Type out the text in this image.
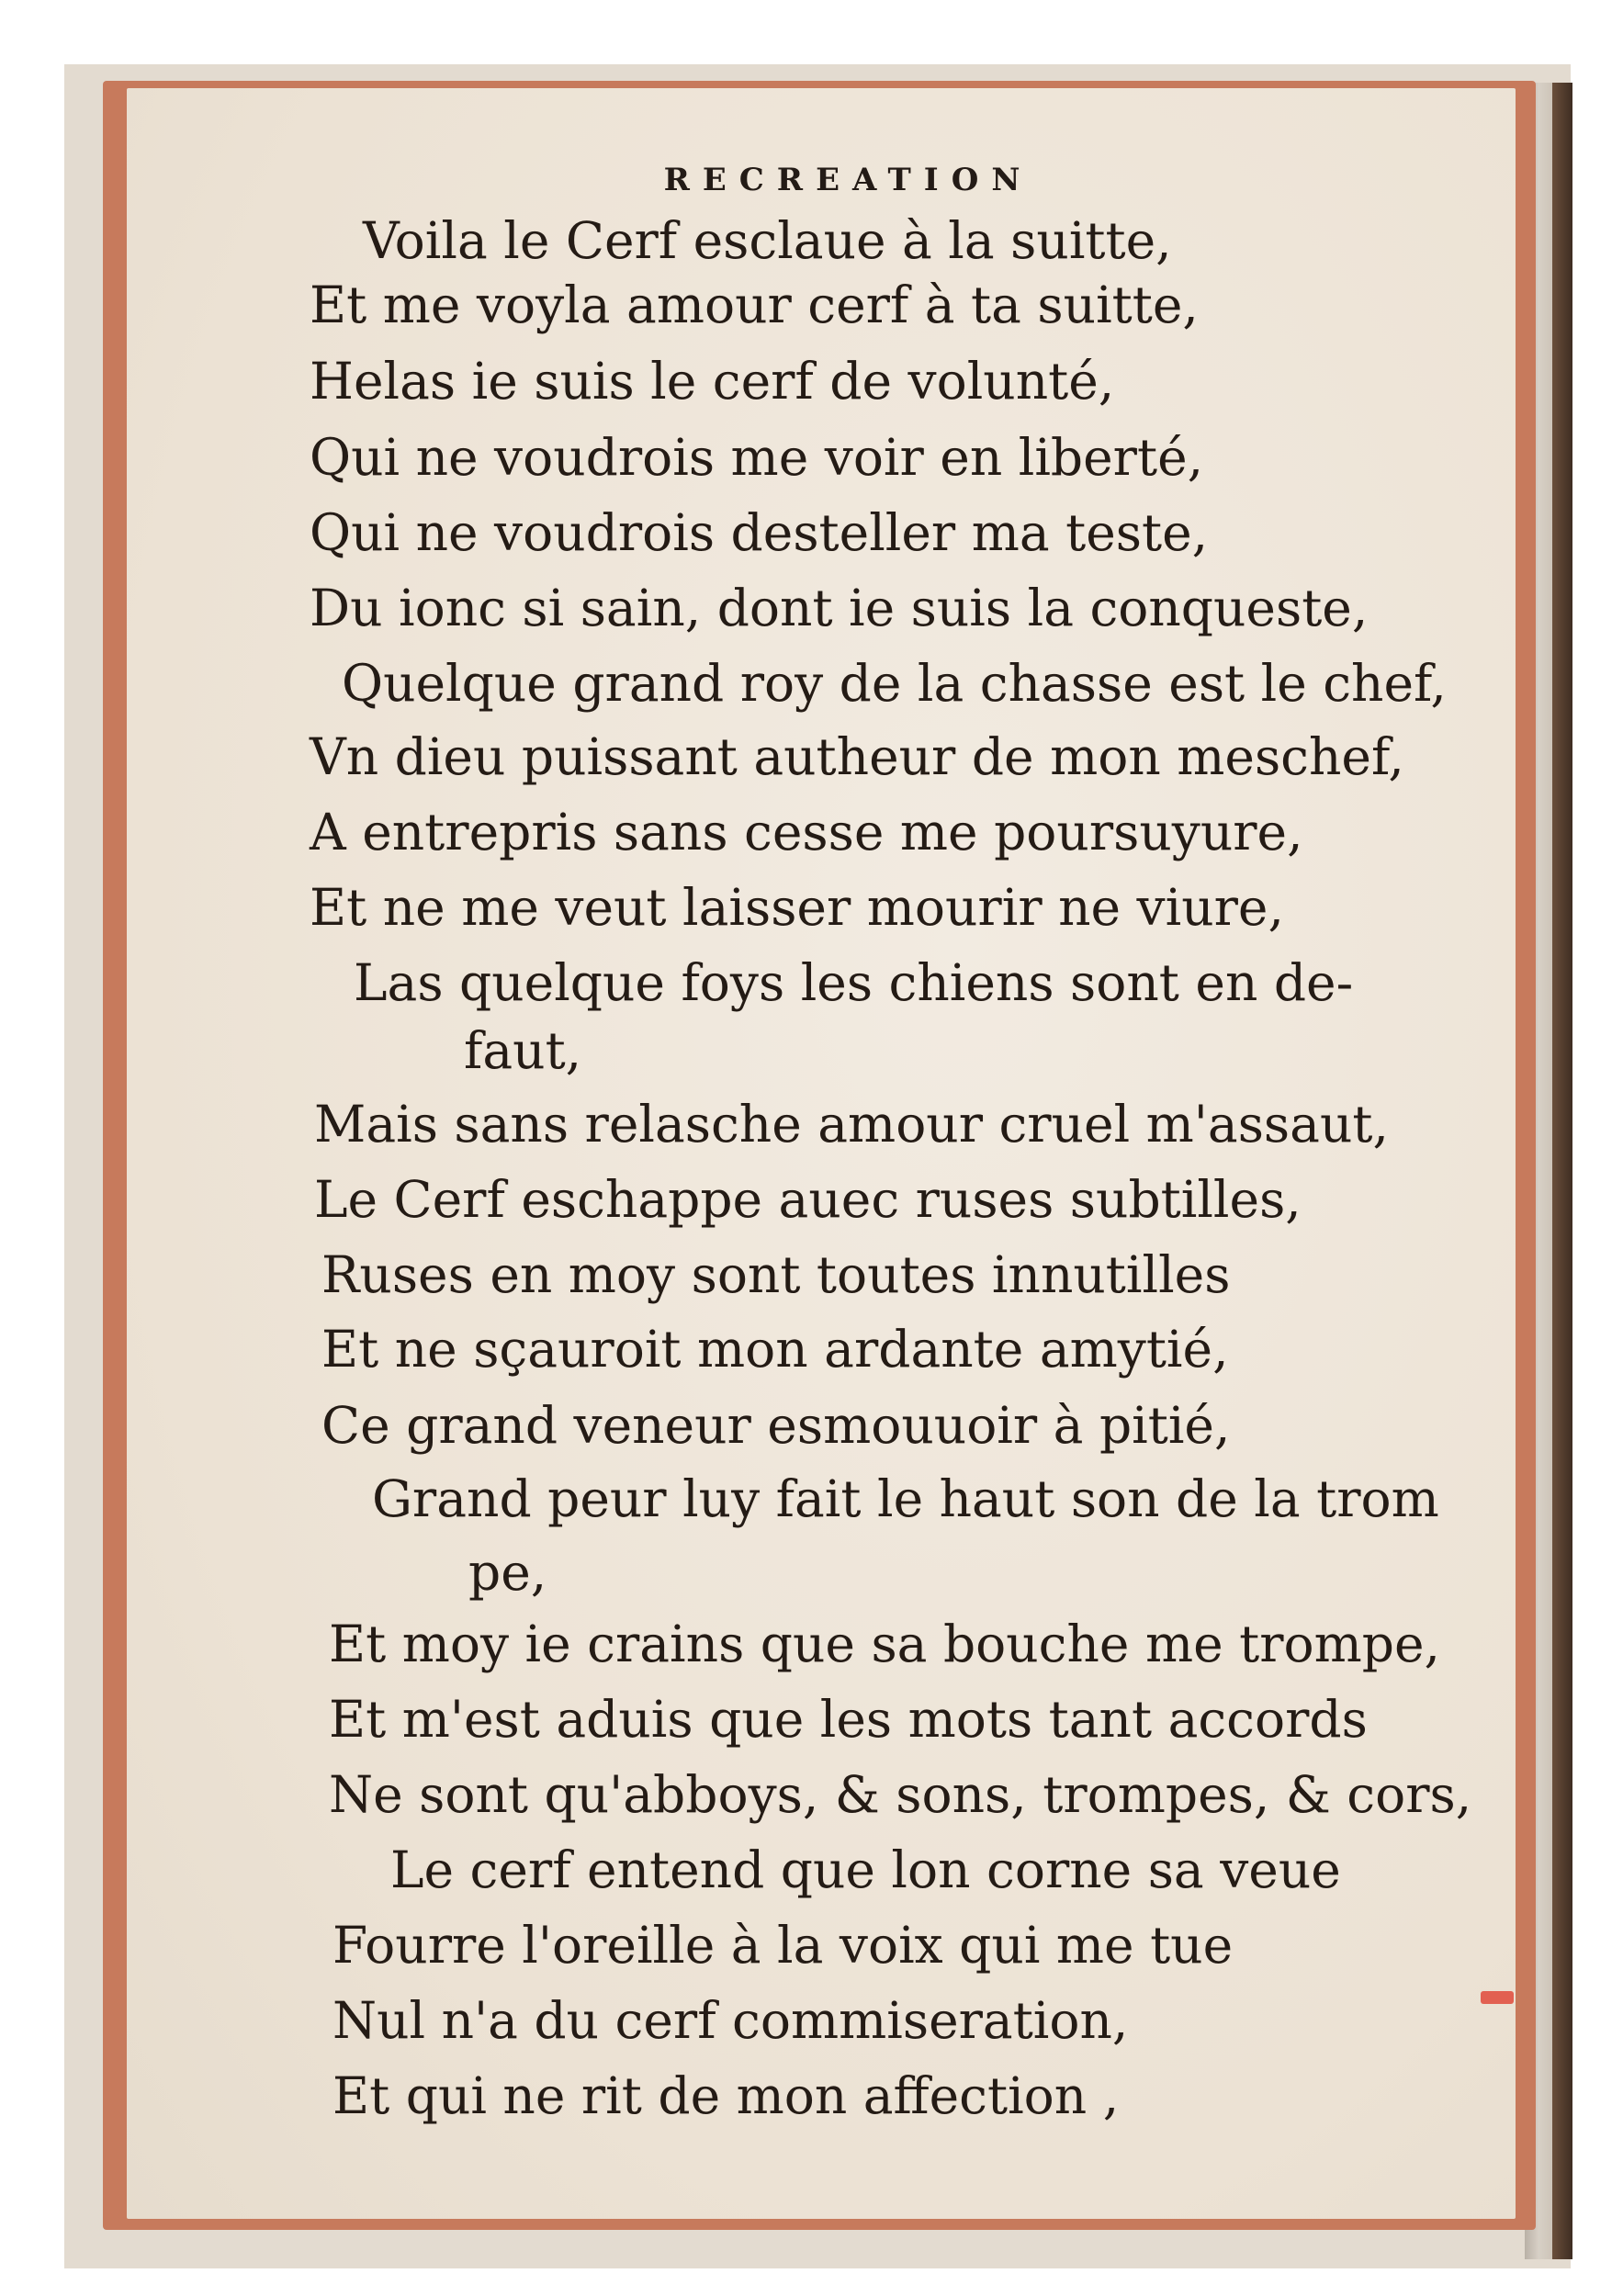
RECREATION
Voila le Cerf esclaue à la suitte,
Et me voyla amour cerf à ta suitte,
Helas ie suis le cerf de volunté,
Qui ne voudrois me voir en liberté,
Qui ne voudrois desteller ma teste,
Du ionc si sain, dont ie suis la conqueste,
Quelque grand roy de la chasse est le chef,
Vn dieu puissant autheur de mon meschef,
A entrepris sans cesse me poursuyure,
Et ne me veut laisser mourir ne viure,
Las quelque foys les chiens sont en de-
faut,
Mais sans relasche amour cruel m'assaut,
Le Cerf eschappe auec ruses subtilles,
Ruses en moy sont toutes innutilles
Et ne sçauroit mon ardante amytié,
Ce grand veneur esmouuoir à pitié,
Grand peur luy fait le haut son de la trom
pe,
Et moy ie crains que sa bouche me trompe,
Et m'est aduis que les mots tant accords
Ne sont qu'abboys, & sons, trompes, & cors,
Le cerf entend que lon corne sa veue
Fourre l'oreille à la voix qui me tue
Nul n'a du cerf commiseration,
Et qui ne rit de mon affection ,
